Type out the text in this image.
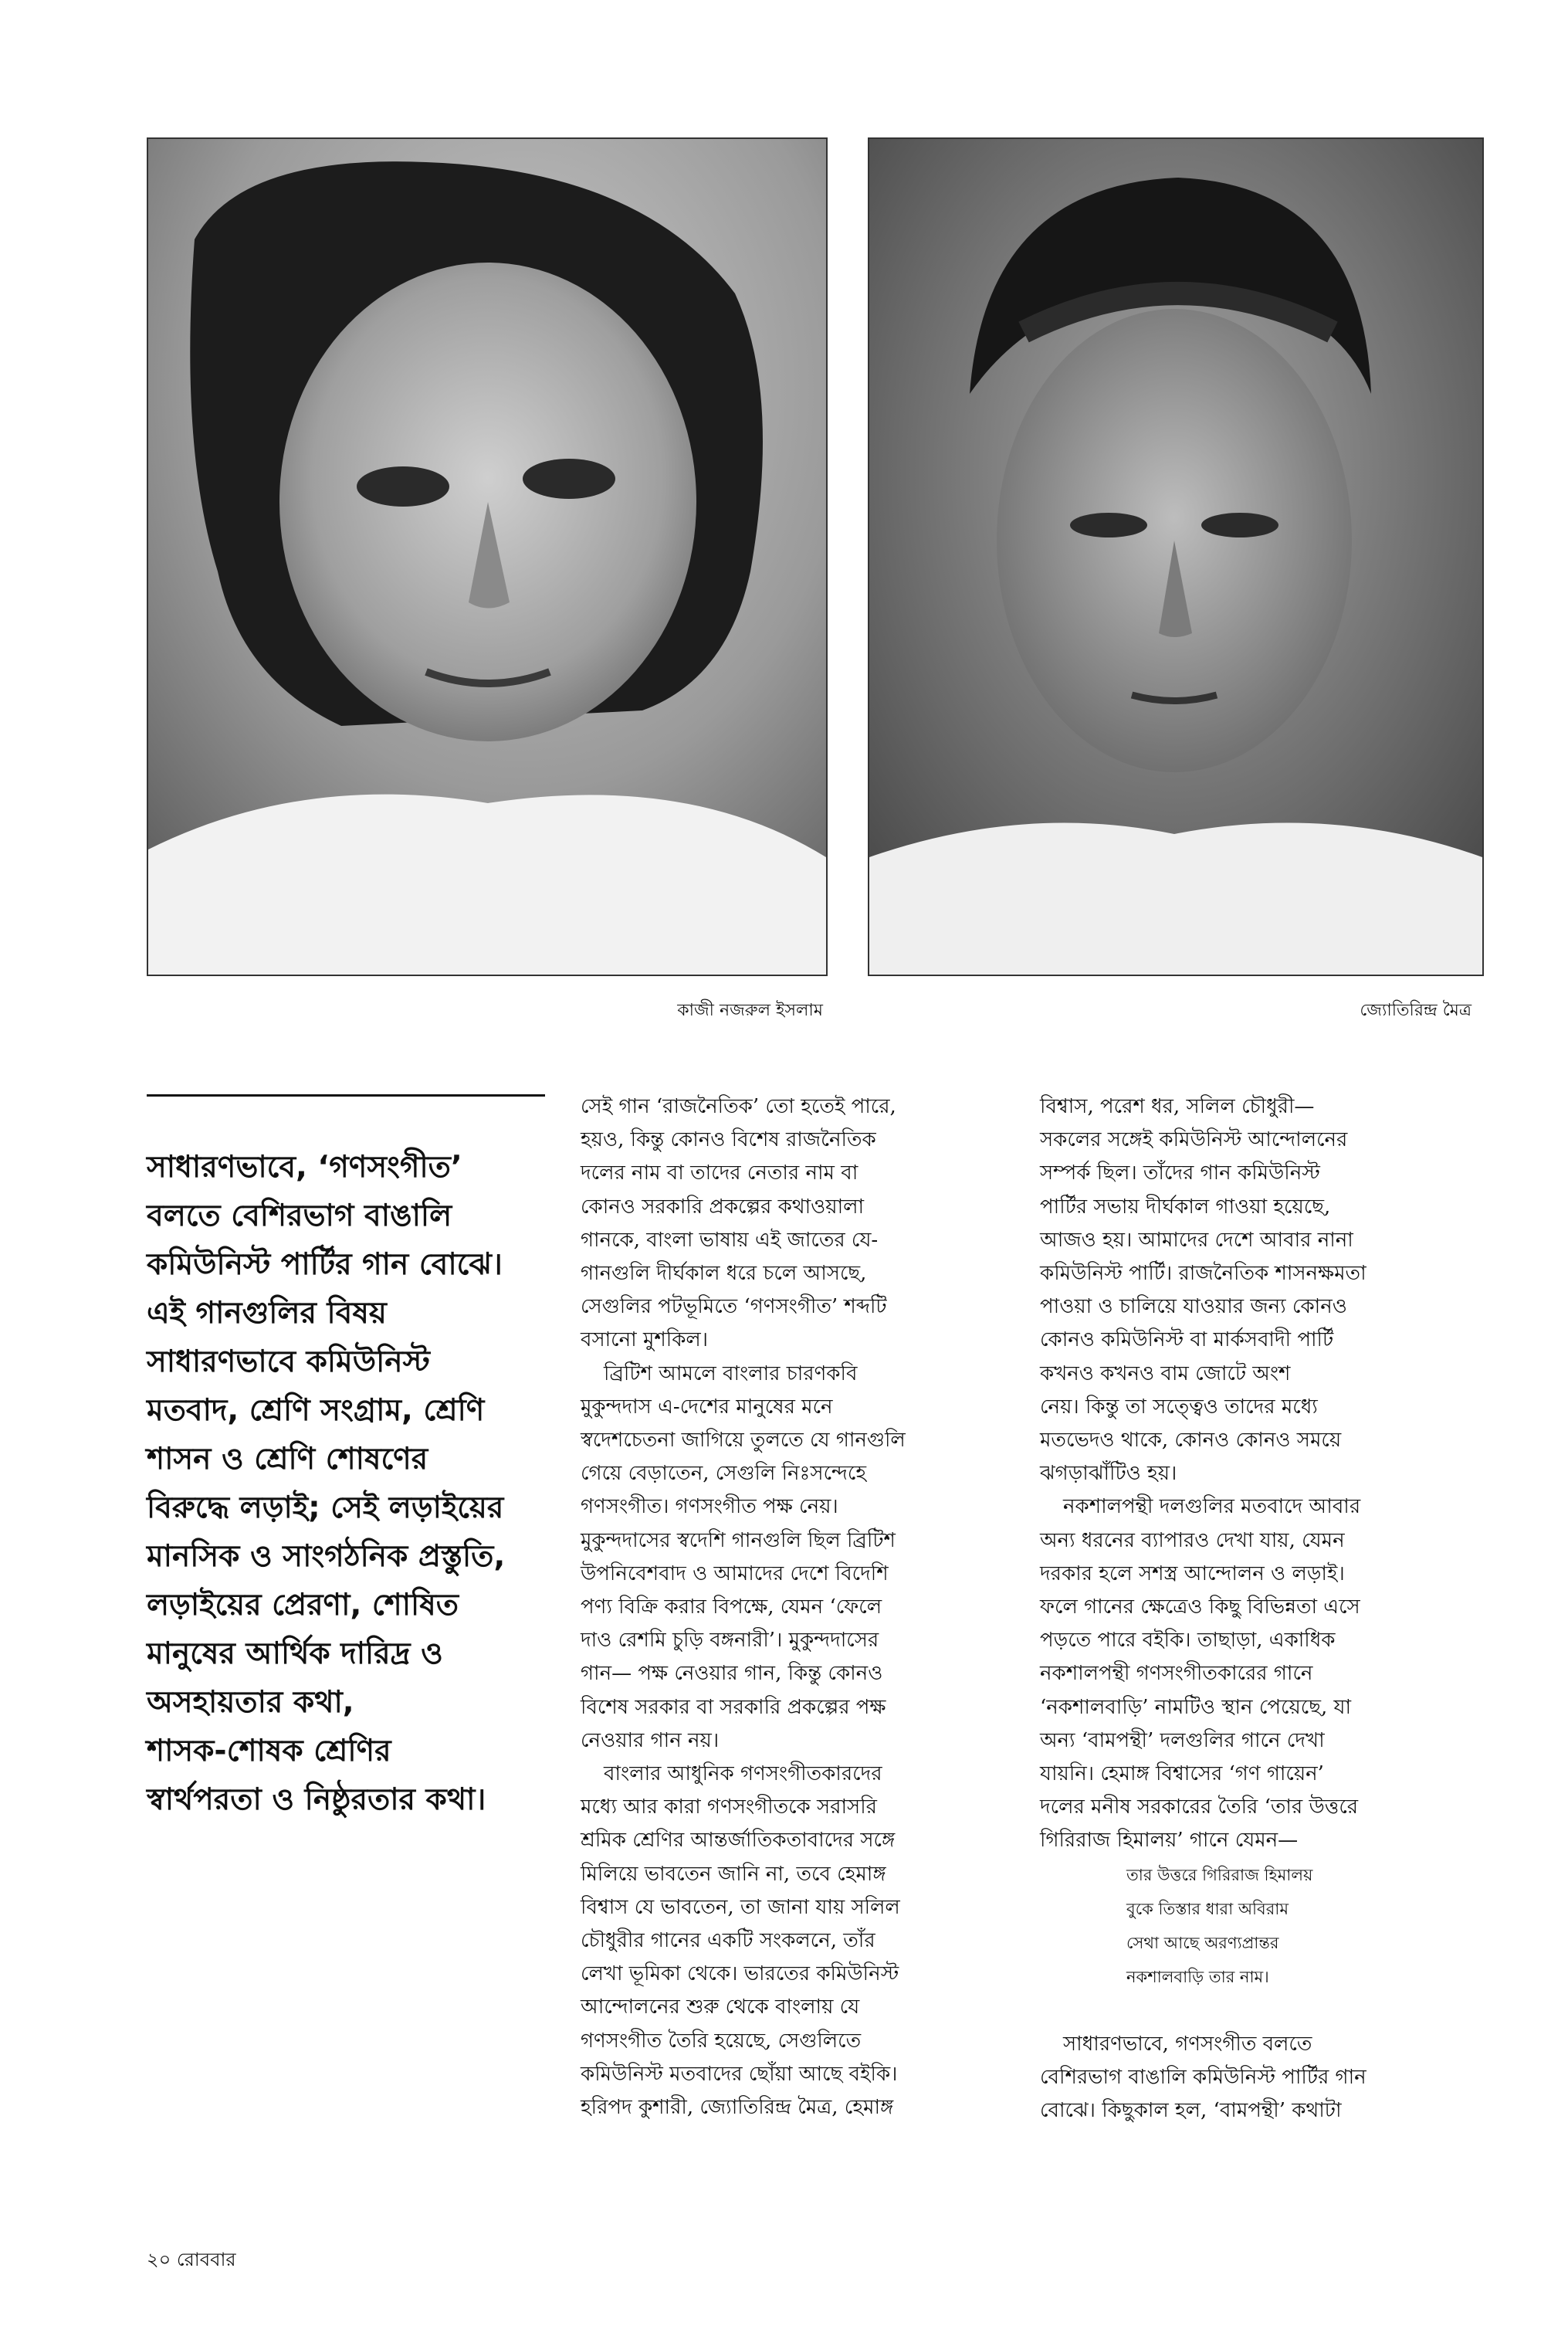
কাজী নজরুল ইসলাম	জ্যোতিরিন্দ্র মৈত্র
সাধারণভাবে, ‘গণসংগীত’
বলতে বেশিরভাগ বাঙালি
কমিউনিস্ট পার্টির গান বোঝে।
এই গানগুলির বিষয়
সাধারণভাবে কমিউনিস্ট
মতবাদ, শ্রেণি সংগ্রাম, শ্রেণি
শাসন ও শ্রেণি শোষণের
বিরুদ্ধে লড়াই; সেই লড়াইয়ের
মানসিক ও সাংগঠনিক প্রস্তুতি,
লড়াইয়ের প্রেরণা, শোষিত
মানুষের আর্থিক দারিদ্র ও
অসহায়তার কথা,
শাসক-শোষক শ্রেণির
স্বার্থপরতা ও নিষ্ঠুরতার কথা।
সেই গান ‘রাজনৈতিক’ তো হতেই পারে,
হয়ও, কিন্তু কোনও বিশেষ রাজনৈতিক
দলের নাম বা তাদের নেতার নাম বা
কোনও সরকারি প্রকল্পের কথাওয়ালা
গানকে, বাংলা ভাষায় এই জাতের যে-
গানগুলি দীর্ঘকাল ধরে চলে আসছে,
সেগুলির পটভূমিতে ‘গণসংগীত’ শব্দটি
বসানো মুশকিল।
ব্রিটিশ আমলে বাংলার চারণকবি
মুকুন্দদাস এ-দেশের মানুষের মনে
স্বদেশচেতনা জাগিয়ে তুলতে যে গানগুলি
গেয়ে বেড়াতেন, সেগুলি নিঃসন্দেহে
গণসংগীত। গণসংগীত পক্ষ নেয়।
মুকুন্দদাসের স্বদেশি গানগুলি ছিল ব্রিটিশ
উপনিবেশবাদ ও আমাদের দেশে বিদেশি
পণ্য বিক্রি করার বিপক্ষে, যেমন ‘ফেলে
দাও রেশমি চুড়ি বঙ্গনারী’। মুকুন্দদাসের
গান— পক্ষ নেওয়ার গান, কিন্তু কোনও
বিশেষ সরকার বা সরকারি প্রকল্পের পক্ষ
নেওয়ার গান নয়।
বাংলার আধুনিক গণসংগীতকারদের
মধ্যে আর কারা গণসংগীতকে সরাসরি
শ্রমিক শ্রেণির আন্তর্জাতিকতাবাদের সঙ্গে
মিলিয়ে ভাবতেন জানি না, তবে হেমাঙ্গ
বিশ্বাস যে ভাবতেন, তা জানা যায় সলিল
চৌধুরীর গানের একটি সংকলনে, তাঁর
লেখা ভূমিকা থেকে। ভারতের কমিউনিস্ট
আন্দোলনের শুরু থেকে বাংলায় যে
গণসংগীত তৈরি হয়েছে, সেগুলিতে
কমিউনিস্ট মতবাদের ছোঁয়া আছে বইকি।
হরিপদ কুশারী, জ্যোতিরিন্দ্র মৈত্র, হেমাঙ্গ
বিশ্বাস, পরেশ ধর, সলিল চৌধুরী—
সকলের সঙ্গেই কমিউনিস্ট আন্দোলনের
সম্পর্ক ছিল। তাঁদের গান কমিউনিস্ট
পার্টির সভায় দীর্ঘকাল গাওয়া হয়েছে,
আজও হয়। আমাদের দেশে আবার নানা
কমিউনিস্ট পার্টি। রাজনৈতিক শাসনক্ষমতা
পাওয়া ও চালিয়ে যাওয়ার জন্য কোনও
কোনও কমিউনিস্ট বা মার্কসবাদী পার্টি
কখনও কখনও বাম জোটে অংশ
নেয়। কিন্তু তা সত্ত্বেও তাদের মধ্যে
মতভেদও থাকে, কোনও কোনও সময়ে
ঝগড়াঝাঁটিও হয়।
নকশালপন্থী দলগুলির মতবাদে আবার
অন্য ধরনের ব্যাপারও দেখা যায়, যেমন
দরকার হলে সশস্ত্র আন্দোলন ও লড়াই।
ফলে গানের ক্ষেত্রেও কিছু বিভিন্নতা এসে
পড়তে পারে বইকি। তাছাড়া, একাধিক
নকশালপন্থী গণসংগীতকারের গানে
‘নকশালবাড়ি’ নামটিও স্থান পেয়েছে, যা
অন্য ‘বামপন্থী’ দলগুলির গানে দেখা
যায়নি। হেমাঙ্গ বিশ্বাসের ‘গণ গায়েন’
দলের মনীষ সরকারের তৈরি ‘তার উত্তরে
গিরিরাজ হিমালয়’ গানে যেমন—
তার উত্তরে গিরিরাজ হিমালয়
বুকে তিস্তার ধারা অবিরাম
সেথা আছে অরণ্যপ্রান্তর
নকশালবাড়ি তার নাম।
সাধারণভাবে, গণসংগীত বলতে
বেশিরভাগ বাঙালি কমিউনিস্ট পার্টির গান
বোঝে। কিছুকাল হল, ‘বামপন্থী’ কথাটা
২০ রোববার
